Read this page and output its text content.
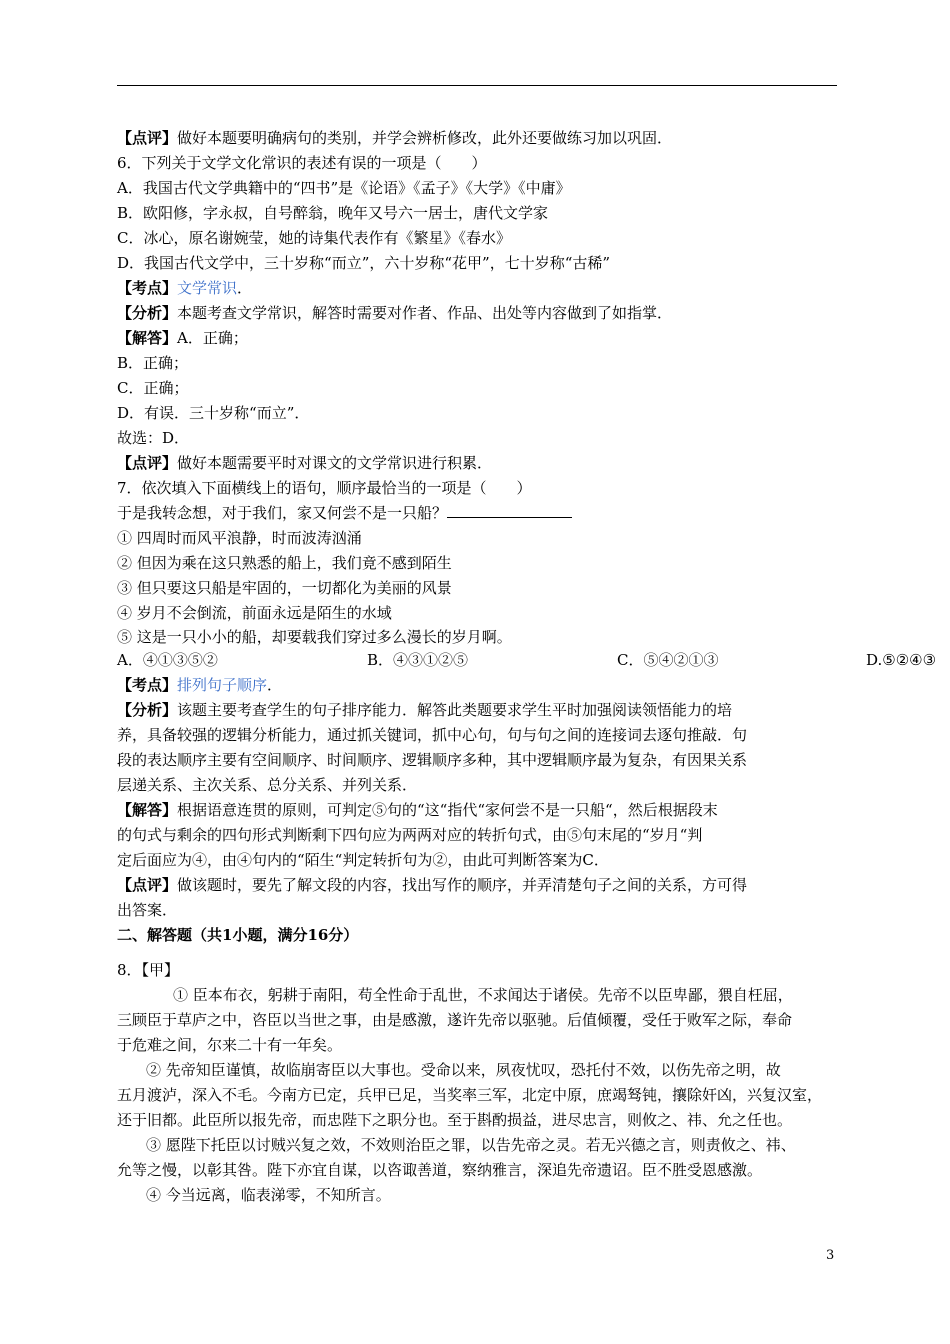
【点评】做好本题要明确病句的类别，并学会辨析修改，此外还要做练习加以巩固．
6．下列关于文学文化常识的表述有误的一项是（　　）
A．我国古代文学典籍中的“四书”是《论语》《孟子》《大学》《中庸》
B．欧阳修，字永叔，自号醉翁，晚年又号六一居士，唐代文学家
C．冰心，原名谢婉莹，她的诗集代表作有《繁星》《春水》
D．我国古代文学中，三十岁称“而立”，六十岁称“花甲”，七十岁称“古稀”
【考点】文学常识．
【分析】本题考查文学常识，解答时需要对作者、作品、出处等内容做到了如指掌．
【解答】A．正确；
B．正确；
C．正确；
D．有误．三十岁称“而立”．
故选：D．
【点评】做好本题需要平时对课文的文学常识进行积累．
7．依次填入下面横线上的语句，顺序最恰当的一项是（　　）
于是我转念想，对于我们，家又何尝不是一只船？
① 四周时而风平浪静，时而波涛汹涌
② 但因为乘在这只熟悉的船上，我们竟不感到陌生
③ 但只要这只船是牢固的，一切都化为美丽的风景
④ 岁月不会倒流，前面永远是陌生的水域
⑤ 这是一只小小的船，却要载我们穿过多么漫长的岁月啊。
A．④①③⑤②	B．④③①②⑤	C．⑤④②①③	D.⑤②④③
【考点】排列句子顺序．
【分析】该题主要考查学生的句子排序能力．解答此类题要求学生平时加强阅读领悟能力的培
养，具备较强的逻辑分析能力，通过抓关键词，抓中心句，句与句之间的连接词去逐句推敲．句
段的表达顺序主要有空间顺序、时间顺序、逻辑顺序多种，其中逻辑顺序最为复杂，有因果关系
层递关系、主次关系、总分关系、并列关系．
【解答】根据语意连贯的原则，可判定⑤句的“这“指代“家何尝不是一只船“，然后根据段末
的句式与剩余的四句形式判断剩下四句应为两两对应的转折句式，由⑤句末尾的“岁月“判
定后面应为④，由④句内的“陌生“判定转折句为②，由此可判断答案为C．
【点评】做该题时，要先了解文段的内容，找出写作的顺序，并弄清楚句子之间的关系，方可得
出答案．
二、解答题（共1小题，满分16分）
8．【甲】
① 臣本布衣，躬耕于南阳，苟全性命于乱世，不求闻达于诸侯。先帝不以臣卑鄙，猥自枉屈，
三顾臣于草庐之中，咨臣以当世之事，由是感激，遂许先帝以驱驰。后值倾覆，受任于败军之际，奉命
于危难之间，尔来二十有一年矣。
② 先帝知臣谨慎，故临崩寄臣以大事也。受命以来，夙夜忧叹，恐托付不效，以伤先帝之明，故
五月渡泸，深入不毛。今南方已定，兵甲已足，当奖率三军，北定中原，庶竭驽钝，攘除奸凶，兴复汉室，
还于旧都。此臣所以报先帝，而忠陛下之职分也。至于斟酌损益，进尽忠言，则攸之、祎、允之任也。
③ 愿陛下托臣以讨贼兴复之效，不效则治臣之罪，以告先帝之灵。若无兴德之言，则责攸之、祎、
允等之慢，以彰其咎。陛下亦宜自谋，以咨诹善道，察纳雅言，深追先帝遗诏。臣不胜受恩感激。
④ 今当远离，临表涕零，不知所言。
3
